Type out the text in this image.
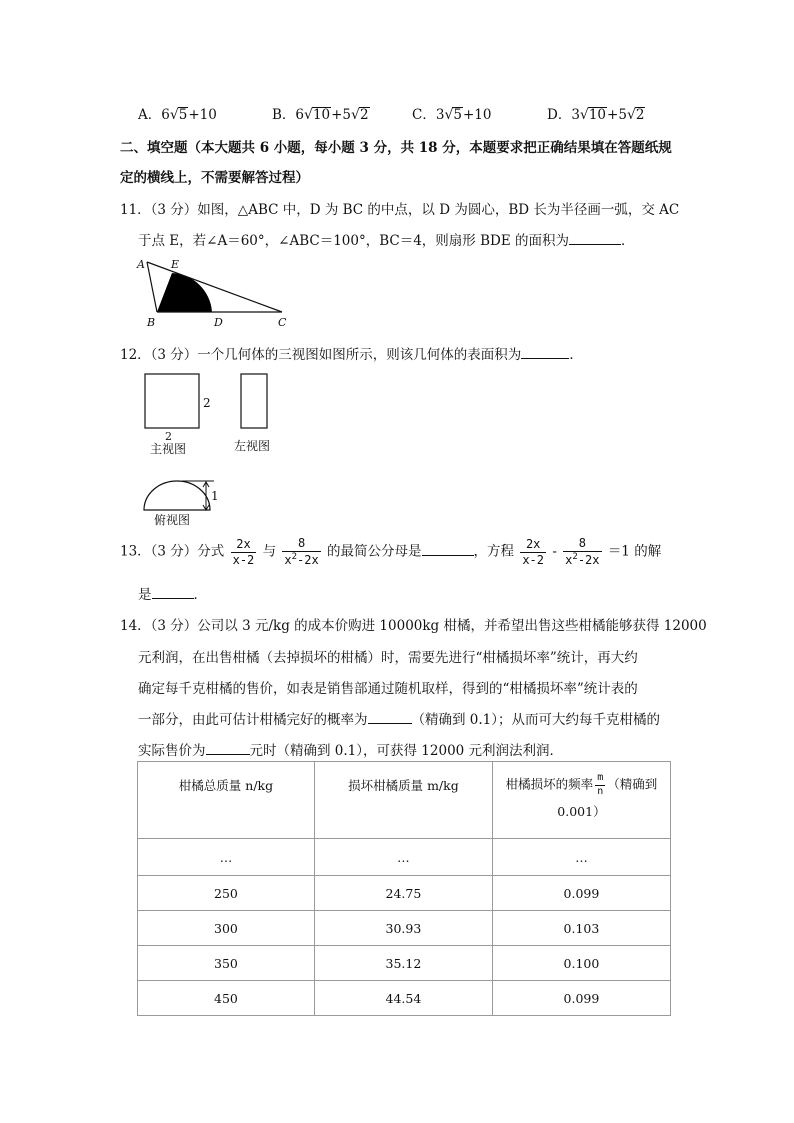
A．6√5+10	B．6√10+5√2	C．3√5+10	D．3√10+5√2
二、填空题（本大题共 6 小题，每小题 3 分，共 18 分，本题要求把正确结果填在答题纸规
定的横线上，不需要解答过程）
11．（3 分）如图，△ABC 中，D 为 BC 的中点，以 D 为圆心，BD 长为半径画一弧，交 AC
于点 E，若∠A＝60°，∠ABC＝100°，BC＝4，则扇形 BDE 的面积为	．
A E
B	D	C
12．（3 分）一个几何体的三视图如图所示，则该几何体的表面积为	．
2
2
主视图	左视图
1
俯视图
13．（3 分）分式 $\frac{2x}{x-2}$ 与 $\frac{8}{x^2-2x}$ 的最简公分母是	，方程 $\frac{2x}{x-2} - \frac{8}{x^2-2x} =1$ 的解
是	．
14．（3 分）公司以 3 元/kg 的成本价购进 10000kg 柑橘，并希望出售这些柑橘能够获得 12000
元利润，在出售柑橘（去掉损坏的柑橘）时，需要先进行“柑橘损坏率”统计，再大约
确定每千克柑橘的售价，如表是销售部通过随机取样，得到的“柑橘损坏率”统计表的
一部分，由此可估计柑橘完好的概率为	（精确到 0.1）；从而可大约每千克柑橘的
实际售价为	元时（精确到 0.1），可获得 12000 元利润法利润．
柑橘总质量 n/kg	损坏柑橘质量 m/kg	柑橘损坏的频率 $\frac{m}{n}$ （精确到
0.001）
…	…	…
250	24.75	0.099
300	30.93	0.103
350	35.12	0.100
450	44.54	0.099
